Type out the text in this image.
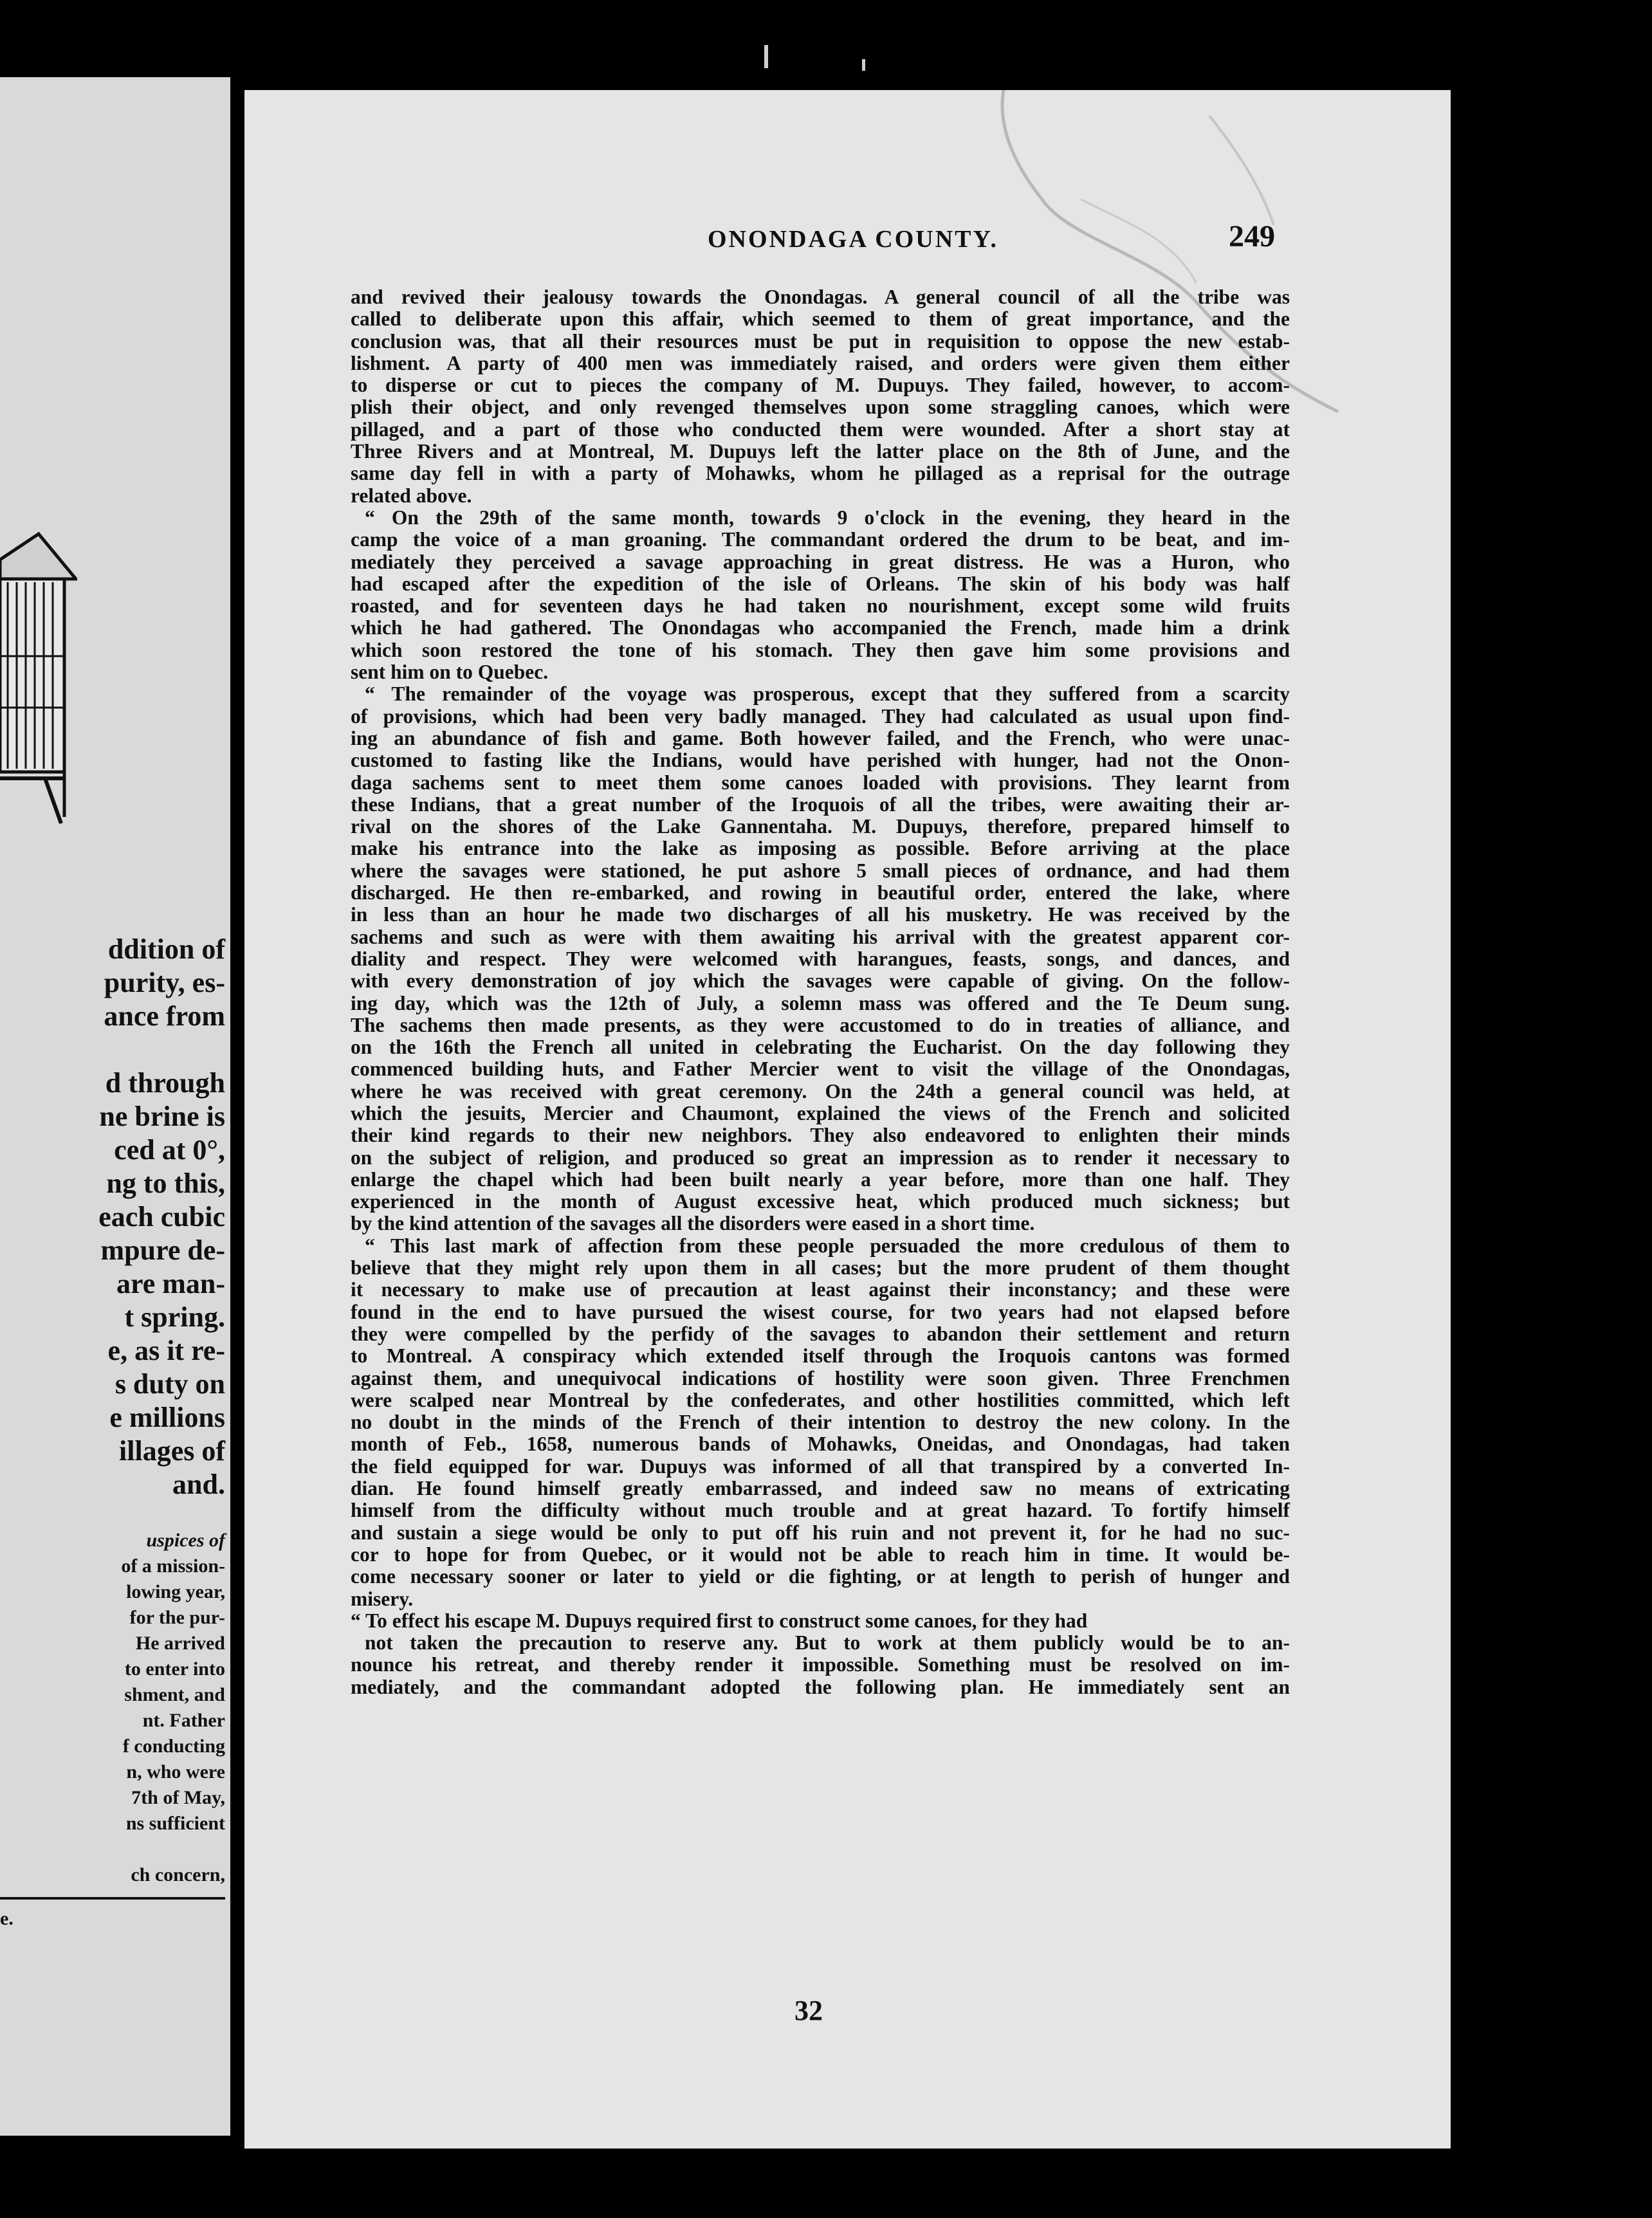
ddition of
purity, es-
ance from

d through
ne brine is
ced at 0°,
ng to this,
each cubic
mpure de-
are man-
t spring.
e, as it re-
s duty on
e millions
illages of
and.
uspices of
of a mission-
lowing year,
for the pur-
He arrived
to enter into
shment, and
nt. Father
f conducting
n, who were
7th of May,
ns sufficient

ch concern,
e.
ONONDAGA COUNTY.	249
and revived their jealousy towards the Onondagas. A general council of all the tribe was
called to deliberate upon this affair, which seemed to them of great importance, and the
conclusion was, that all their resources must be put in requisition to oppose the new estab-
lishment. A party of 400 men was immediately raised, and orders were given them either
to disperse or cut to pieces the company of M. Dupuys. They failed, however, to accom-
plish their object, and only revenged themselves upon some straggling canoes, which were
pillaged, and a part of those who conducted them were wounded. After a short stay at
Three Rivers and at Montreal, M. Dupuys left the latter place on the 8th of June, and the
same day fell in with a party of Mohawks, whom he pillaged as a reprisal for the outrage
related above.
“ On the 29th of the same month, towards 9 o'clock in the evening, they heard in the
camp the voice of a man groaning. The commandant ordered the drum to be beat, and im-
mediately they perceived a savage approaching in great distress. He was a Huron, who
had escaped after the expedition of the isle of Orleans. The skin of his body was half
roasted, and for seventeen days he had taken no nourishment, except some wild fruits
which he had gathered. The Onondagas who accompanied the French, made him a drink
which soon restored the tone of his stomach. They then gave him some provisions and
sent him on to Quebec.
“ The remainder of the voyage was prosperous, except that they suffered from a scarcity
of provisions, which had been very badly managed. They had calculated as usual upon find-
ing an abundance of fish and game. Both however failed, and the French, who were unac-
customed to fasting like the Indians, would have perished with hunger, had not the Onon-
daga sachems sent to meet them some canoes loaded with provisions. They learnt from
these Indians, that a great number of the Iroquois of all the tribes, were awaiting their ar-
rival on the shores of the Lake Gannentaha. M. Dupuys, therefore, prepared himself to
make his entrance into the lake as imposing as possible. Before arriving at the place
where the savages were stationed, he put ashore 5 small pieces of ordnance, and had them
discharged. He then re-embarked, and rowing in beautiful order, entered the lake, where
in less than an hour he made two discharges of all his musketry. He was received by the
sachems and such as were with them awaiting his arrival with the greatest apparent cor-
diality and respect. They were welcomed with harangues, feasts, songs, and dances, and
with every demonstration of joy which the savages were capable of giving. On the follow-
ing day, which was the 12th of July, a solemn mass was offered and the Te Deum sung.
The sachems then made presents, as they were accustomed to do in treaties of alliance, and
on the 16th the French all united in celebrating the Eucharist. On the day following they
commenced building huts, and Father Mercier went to visit the village of the Onondagas,
where he was received with great ceremony. On the 24th a general council was held, at
which the jesuits, Mercier and Chaumont, explained the views of the French and solicited
their kind regards to their new neighbors. They also endeavored to enlighten their minds
on the subject of religion, and produced so great an impression as to render it necessary to
enlarge the chapel which had been built nearly a year before, more than one half. They
experienced in the month of August excessive heat, which produced much sickness; but
by the kind attention of the savages all the disorders were eased in a short time.
“ This last mark of affection from these people persuaded the more credulous of them to
believe that they might rely upon them in all cases; but the more prudent of them thought
it necessary to make use of precaution at least against their inconstancy; and these were
found in the end to have pursued the wisest course, for two years had not elapsed before
they were compelled by the perfidy of the savages to abandon their settlement and return
to Montreal. A conspiracy which extended itself through the Iroquois cantons was formed
against them, and unequivocal indications of hostility were soon given. Three Frenchmen
were scalped near Montreal by the confederates, and other hostilities committed, which left
no doubt in the minds of the French of their intention to destroy the new colony. In the
month of Feb., 1658, numerous bands of Mohawks, Oneidas, and Onondagas, had taken
the field equipped for war. Dupuys was informed of all that transpired by a converted In-
dian. He found himself greatly embarrassed, and indeed saw no means of extricating
himself from the difficulty without much trouble and at great hazard. To fortify himself
and sustain a siege would be only to put off his ruin and not prevent it, for he had no suc-
cor to hope for from Quebec, or it would not be able to reach him in time. It would be-
come necessary sooner or later to yield or die fighting, or at length to perish of hunger and
misery.
“ To effect his escape M. Dupuys required first to construct some canoes, for they had
not taken the precaution to reserve any. But to work at them publicly would be to an-
nounce his retreat, and thereby render it impossible. Something must be resolved on im-
mediately, and the commandant adopted the following plan. He immediately sent an
32
